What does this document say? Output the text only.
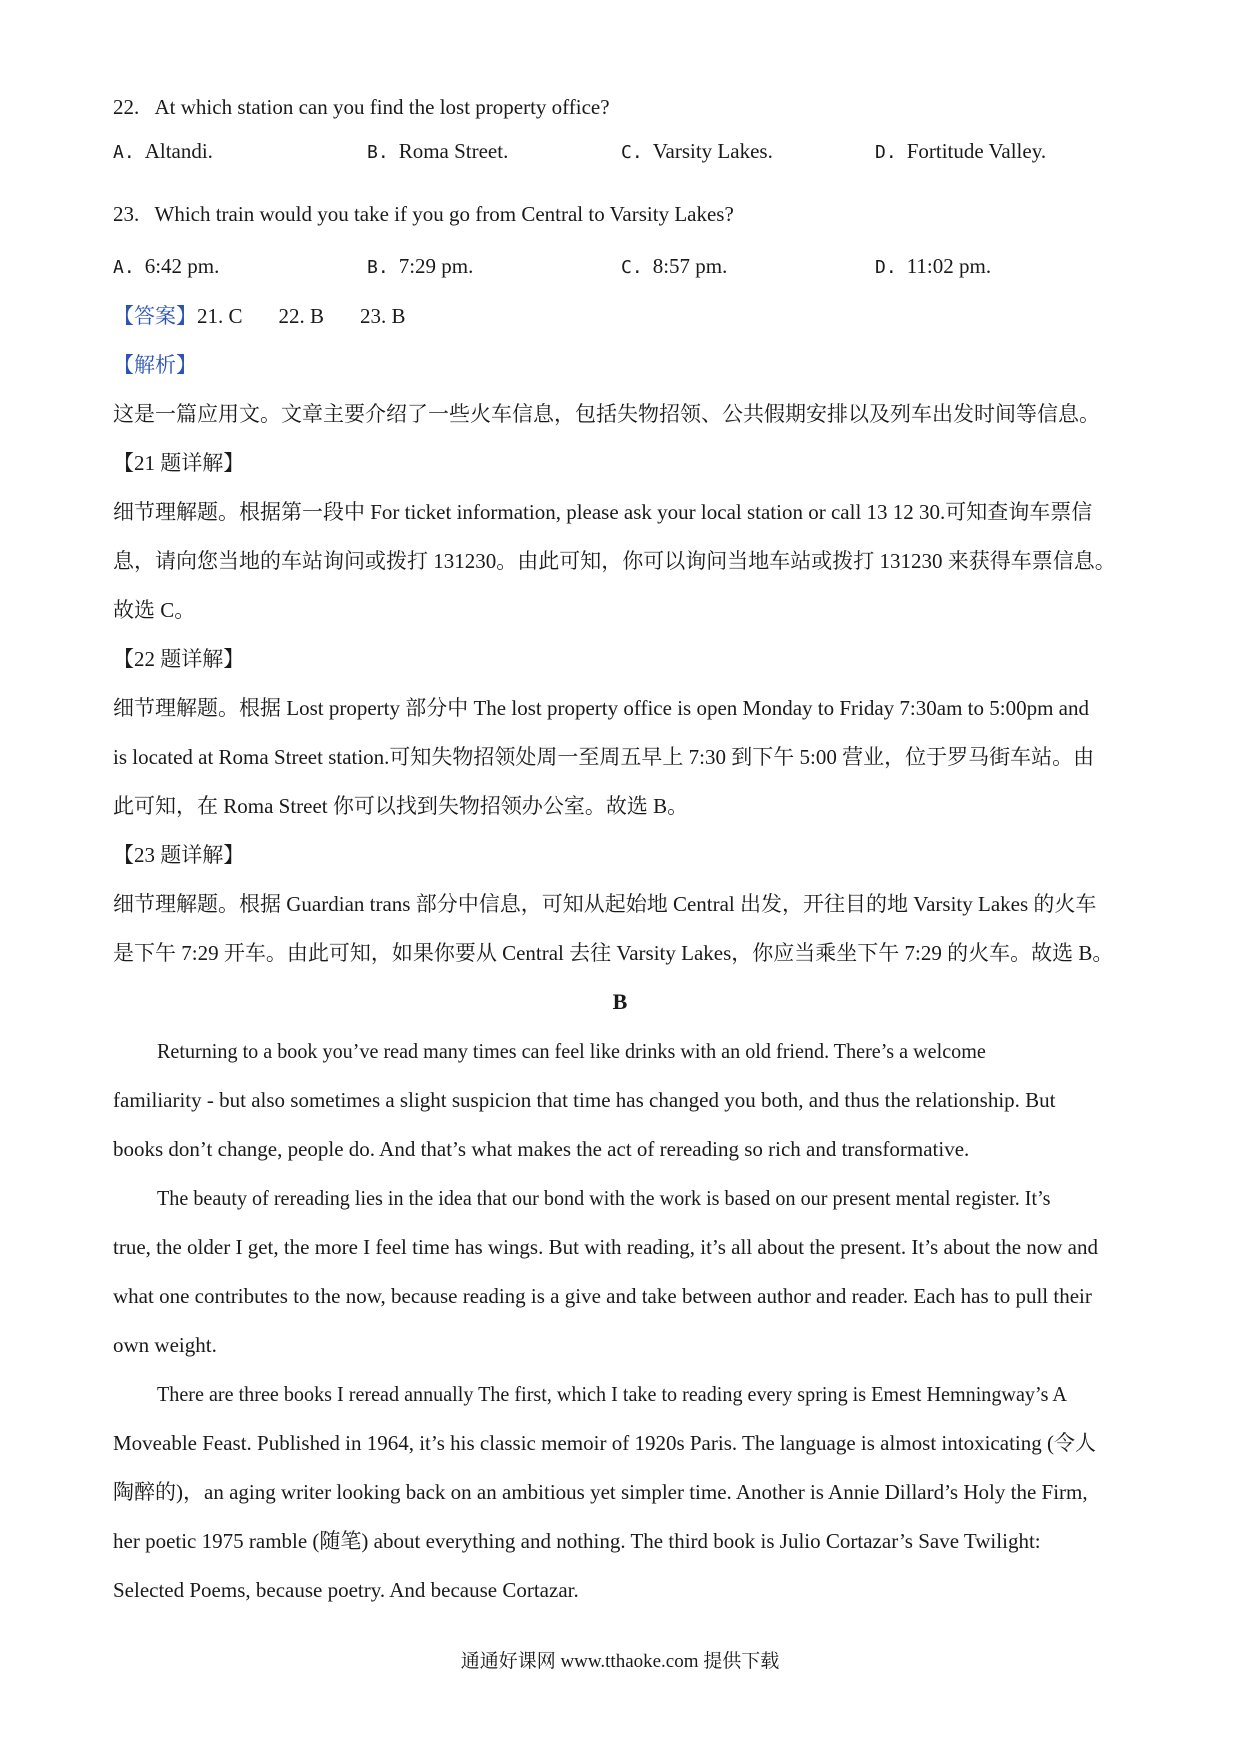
22. At which station can you find the lost property office?
A. Altandi.	B. Roma Street.	C. Varsity Lakes.	D. Fortitude Valley.
23. Which train would you take if you go from Central to Varsity Lakes?
A. 6:42 pm.	B. 7:29 pm.	C. 8:57 pm.	D. 11:02 pm.
【答案】21. C 22. B 23. B
【解析】
这是一篇应用文。文章主要介绍了一些火车信息，包括失物招领、公共假期安排以及列车出发时间等信息。
【21 题详解】
细节理解题。根据第一段中 For ticket information, please ask your local station or call 13 12 30.可知查询车票信
息，请向您当地的车站询问或拨打 131230。由此可知，你可以询问当地车站或拨打 131230 来获得车票信息。
故选 C。
【22 题详解】
细节理解题。根据 Lost property 部分中 The lost property office is open Monday to Friday 7:30am to 5:00pm and
is located at Roma Street station.可知失物招领处周一至周五早上 7:30 到下午 5:00 营业，位于罗马街车站。由
此可知，在 Roma Street 你可以找到失物招领办公室。故选 B。
【23 题详解】
细节理解题。根据 Guardian trans 部分中信息，可知从起始地 Central 出发，开往目的地 Varsity Lakes 的火车
是下午 7:29 开车。由此可知，如果你要从 Central 去往 Varsity Lakes，你应当乘坐下午 7:29 的火车。故选 B。
B
Returning to a book you’ve read many times can feel like drinks with an old friend. There’s a welcome
familiarity - but also sometimes a slight suspicion that time has changed you both, and thus the relationship. But
books don’t change, people do. And that’s what makes the act of rereading so rich and transformative.
The beauty of rereading lies in the idea that our bond with the work is based on our present mental register. It’s
true, the older I get, the more I feel time has wings. But with reading, it’s all about the present. It’s about the now and
what one contributes to the now, because reading is a give and take between author and reader. Each has to pull their
own weight.
There are three books I reread annually The first, which I take to reading every spring is Emest Hemningway’s A
Moveable Feast. Published in 1964, it’s his classic memoir of 1920s Paris. The language is almost intoxicating (令人
陶醉的)，an aging writer looking back on an ambitious yet simpler time. Another is Annie Dillard’s Holy the Firm,
her poetic 1975 ramble (随笔) about everything and nothing. The third book is Julio Cortazar’s Save Twilight:
Selected Poems, because poetry. And because Cortazar.
通通好课网 www.tthaoke.com 提供下载
